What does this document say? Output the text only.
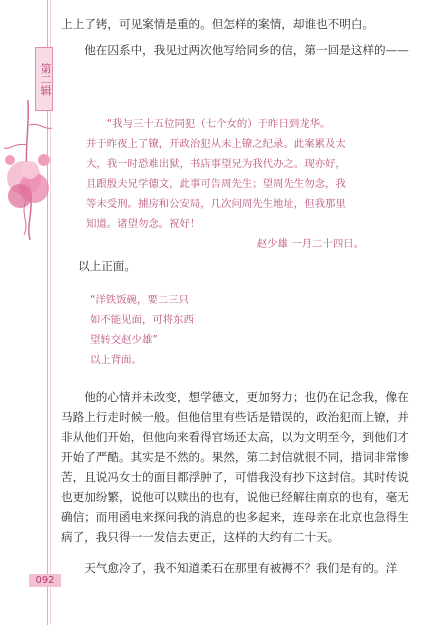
第二辑

上上了铐，可见案情是重的。但怎样的案情，却谁也不明白。

他在囚系中，我见过两次他写给同乡的信，第一回是这样的——

“我与三十五位同犯（七个女的）于昨日到龙华。
并于昨夜上了镣，开政治犯从未上镣之纪录。此案累及太
大，我一时恐难出狱，书店事望兄为我代办之。现亦好，
且跟殷夫兄学德文，此事可告周先生；望周先生勿念，我
等未受刑。捕房和公安局，几次问周先生地址，但我那里
知道。诸望勿念。祝好！
赵少雄 一月二十四日。
以上正面。
“洋铁饭碗，要二三只
如不能见面，可将东西
望转交赵少雄”
以上背面。

他的心情并未改变，想学德文，更加努力；也仍在记念我，像在马路上行走时候一般。但他信里有些话是错误的，政治犯而上镣，并非从他们开始，但他向来看得官场还太高，以为文明至今，到他们才开始了严酷。其实是不然的。果然，第二封信就很不同，措词非常惨苦，且说冯女士的面目都浮肿了，可惜我没有抄下这封信。其时传说也更加纷繁，说他可以赎出的也有，说他已经解往南京的也有，毫无确信；而用函电来探问我的消息的也多起来，连母亲在北京也急得生病了，我只得一一发信去更正，这样的大约有二十天。

天气愈冷了，我不知道柔石在那里有被褥不？我们是有的。洋

092
